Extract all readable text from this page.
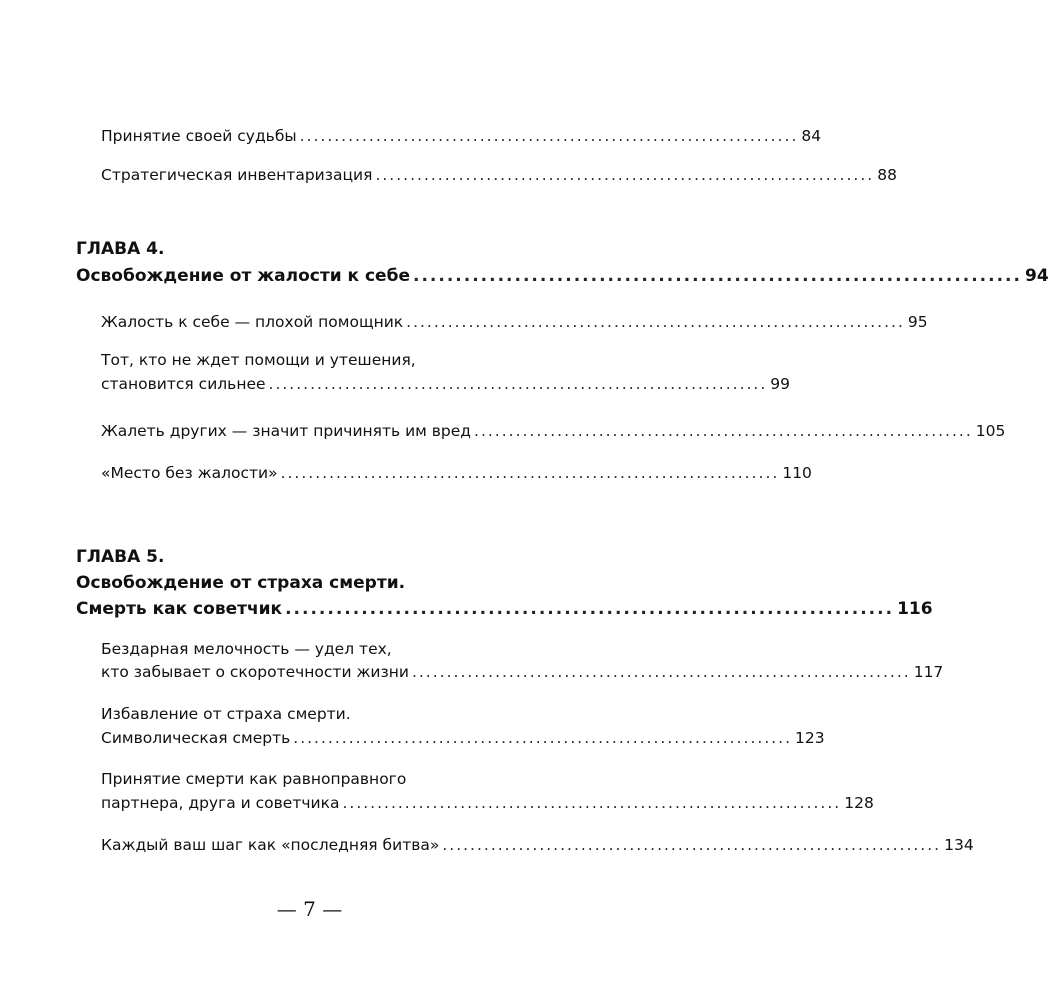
Принятие своей судьбы ........................................................................ 84
Стратегическая инвентаризация ........................................................................ 88
ГЛАВА 4.
Освобождение от жалости к себе ........................................................................ 94
Жалость к себе — плохой помощник ........................................................................ 95
Тот, кто не ждет помощи и утешения,
становится сильнее ........................................................................ 99
Жалеть других — значит причинять им вред ........................................................................ 105
«Место без жалости» ........................................................................ 110
ГЛАВА 5.
Освобождение от страха смерти.
Смерть как советчик ........................................................................ 116
Бездарная мелочность — удел тех,
кто забывает о скоротечности жизни ........................................................................ 117
Избавление от страха смерти.
Символическая смерть ........................................................................ 123
Принятие смерти как равноправного
партнера, друга и советчика ........................................................................ 128
Каждый ваш шаг как «последняя битва» ........................................................................ 134
— 7 —
